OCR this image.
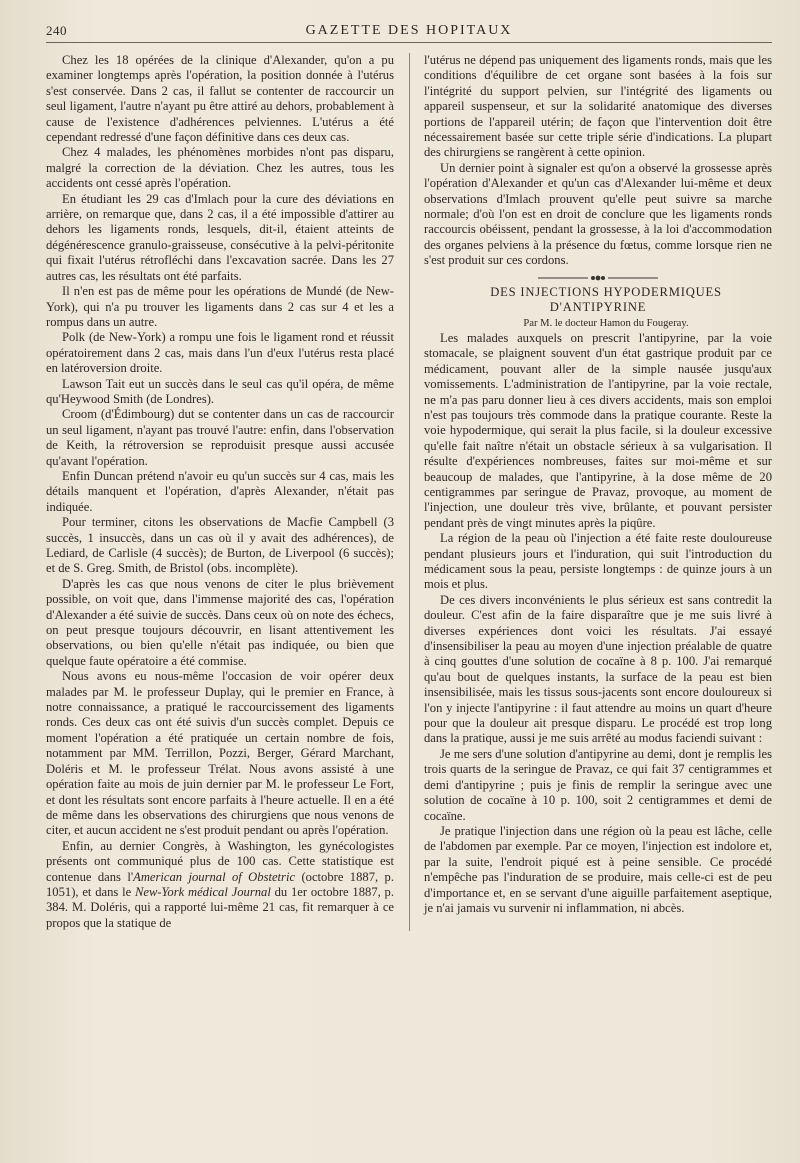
240	GAZETTE DES HOPITAUX

Chez les 18 opérées de la clinique d'Alexander, qu'on a pu examiner longtemps après l'opération, la position donnée à l'utérus s'est conservée. Dans 2 cas, il fallut se contenter de raccourcir un seul ligament, l'autre n'ayant pu être attiré au dehors, probablement à cause de l'existence d'adhérences pelviennes. L'utérus a été cependant redressé d'une façon définitive dans ces deux cas.

Chez 4 malades, les phénomènes morbides n'ont pas disparu, malgré la correction de la déviation. Chez les autres, tous les accidents ont cessé après l'opération.

En étudiant les 29 cas d'Imlach pour la cure des déviations en arrière, on remarque que, dans 2 cas, il a été impossible d'attirer au dehors les ligaments ronds, lesquels, dit-il, étaient atteints de dégénérescence granulo-graisseuse, consécutive à la pelvi-péritonite qui fixait l'utérus rétrofléchi dans l'excavation sacrée. Dans les 27 autres cas, les résultats ont été parfaits.

Il n'en est pas de même pour les opérations de Mundé (de New-York), qui n'a pu trouver les ligaments dans 2 cas sur 4 et les a rompus dans un autre.

Polk (de New-York) a rompu une fois le ligament rond et réussit opératoirement dans 2 cas, mais dans l'un d'eux l'utérus resta placé en latéroversion droite.

Lawson Tait eut un succès dans le seul cas qu'il opéra, de même qu'Heywood Smith (de Londres).

Croom (d'Édimbourg) dut se contenter dans un cas de raccourcir un seul ligament, n'ayant pas trouvé l'autre: enfin, dans l'observation de Keith, la rétroversion se reproduisit presque aussi accusée qu'avant l'opération.

Enfin Duncan prétend n'avoir eu qu'un succès sur 4 cas, mais les détails manquent et l'opération, d'après Alexander, n'était pas indiquée.

Pour terminer, citons les observations de Macfie Campbell (3 succès, 1 insuccès, dans un cas où il y avait des adhérences), de Lediard, de Carlisle (4 succès); de Burton, de Liverpool (6 succès); et de S. Greg. Smith, de Bristol (obs. incomplète).

D'après les cas que nous venons de citer le plus brièvement possible, on voit que, dans l'immense majorité des cas, l'opération d'Alexander a été suivie de succès. Dans ceux où on note des échecs, on peut presque toujours découvrir, en lisant attentivement les observations, ou bien qu'elle n'était pas indiquée, ou bien que quelque faute opératoire a été commise.

Nous avons eu nous-même l'occasion de voir opérer deux malades par M. le professeur Duplay, qui le premier en France, à notre connaissance, a pratiqué le raccourcissement des ligaments ronds. Ces deux cas ont été suivis d'un succès complet. Depuis ce moment l'opération a été pratiquée un certain nombre de fois, notamment par MM. Terrillon, Pozzi, Berger, Gérard Marchant, Doléris et M. le professeur Trélat. Nous avons assisté à une opération faite au mois de juin dernier par M. le professeur Le Fort, et dont les résultats sont encore parfaits à l'heure actuelle. Il en a été de même dans les observations des chirurgiens que nous venons de citer, et aucun accident ne s'est produit pendant ou après l'opération.

Enfin, au dernier Congrès, à Washington, les gynécologistes présents ont communiqué plus de 100 cas. Cette statistique est contenue dans l'American journal of Obstetric (octobre 1887, p. 1051), et dans le New-York médical Journal du 1er octobre 1887, p. 384. M. Doléris, qui a rapporté lui-même 21 cas, fit remarquer à ce propos que la statique de

l'utérus ne dépend pas uniquement des ligaments ronds, mais que les conditions d'équilibre de cet organe sont basées à la fois sur l'intégrité du support pelvien, sur l'intégrité des ligaments ou appareil suspenseur, et sur la solidarité anatomique des diverses portions de l'appareil utérin; de façon que l'intervention doit être nécessairement basée sur cette triple série d'indications. La plupart des chirurgiens se rangèrent à cette opinion.

Un dernier point à signaler est qu'on a observé la grossesse après l'opération d'Alexander et qu'un cas d'Alexander lui-même et deux observations d'Imlach prouvent qu'elle peut suivre sa marche normale; d'où l'on est en droit de conclure que les ligaments ronds raccourcis obéissent, pendant la grossesse, à la loi d'accommodation des organes pelviens à la présence du fœtus, comme lorsque rien ne s'est produit sur ces cordons.

DES INJECTIONS HYPODERMIQUES D'ANTIPYRINE

Par M. le docteur Hamon du Fougeray.

Les malades auxquels on prescrit l'antipyrine, par la voie stomacale, se plaignent souvent d'un état gastrique produit par ce médicament, pouvant aller de la simple nausée jusqu'aux vomissements. L'administration de l'antipyrine, par la voie rectale, ne m'a pas paru donner lieu à ces divers accidents, mais son emploi n'est pas toujours très commode dans la pratique courante. Reste la voie hypodermique, qui serait la plus facile, si la douleur excessive qu'elle fait naître n'était un obstacle sérieux à sa vulgarisation. Il résulte d'expériences nombreuses, faites sur moi-même et sur beaucoup de malades, que l'antipyrine, à la dose même de 20 centigrammes par seringue de Pravaz, provoque, au moment de l'injection, une douleur très vive, brûlante, et pouvant persister pendant près de vingt minutes après la piqûre.

La région de la peau où l'injection a été faite reste douloureuse pendant plusieurs jours et l'induration, qui suit l'introduction du médicament sous la peau, persiste longtemps : de quinze jours à un mois et plus.

De ces divers inconvénients le plus sérieux est sans contredit la douleur. C'est afin de la faire disparaître que je me suis livré à diverses expériences dont voici les résultats. J'ai essayé d'insensibiliser la peau au moyen d'une injection préalable de quatre à cinq gouttes d'une solution de cocaïne à 8 p. 100. J'ai remarqué qu'au bout de quelques instants, la surface de la peau est bien insensibilisée, mais les tissus sous-jacents sont encore douloureux si l'on y injecte l'antipyrine : il faut attendre au moins un quart d'heure pour que la douleur ait presque disparu. Le procédé est trop long dans la pratique, aussi je me suis arrêté au modus faciendi suivant :

Je me sers d'une solution d'antipyrine au demi, dont je remplis les trois quarts de la seringue de Pravaz, ce qui fait 37 centigrammes et demi d'antipyrine ; puis je finis de remplir la seringue avec une solution de cocaïne à 10 p. 100, soit 2 centigrammes et demi de cocaïne.

Je pratique l'injection dans une région où la peau est lâche, celle de l'abdomen par exemple. Par ce moyen, l'injection est indolore et, par la suite, l'endroit piqué est à peine sensible. Ce procédé n'empêche pas l'induration de se produire, mais celle-ci est de peu d'importance et, en se servant d'une aiguille parfaitement aseptique, je n'ai jamais vu survenir ni inflammation, ni abcès.
